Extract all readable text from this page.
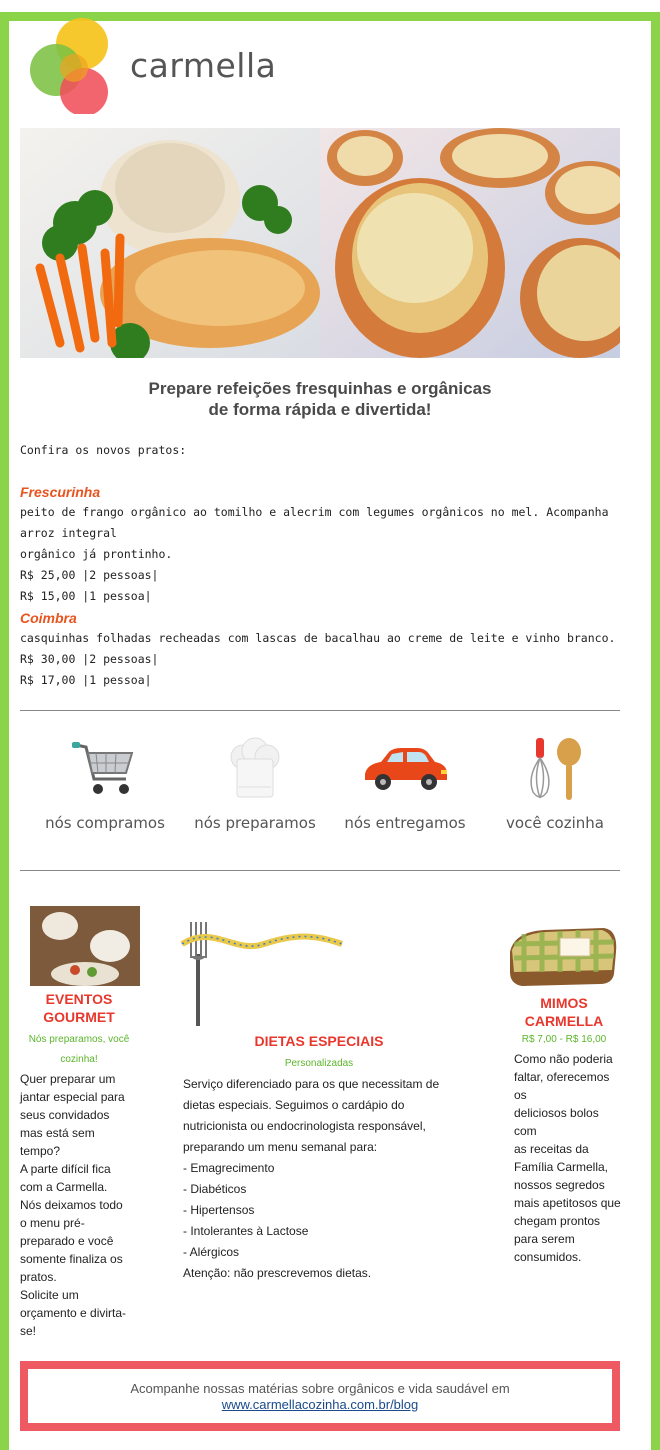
carmella
Prepare refeições fresquinhas e orgânicas
de forma rápida e divertida!
Confira os novos pratos:
Frescurinha
peito de frango orgânico ao tomilho e alecrim com legumes orgânicos no mel. Acompanha arroz integral
orgânico já prontinho.
R$ 25,00 |2 pessoas|
R$ 15,00 |1 pessoa|
Coimbra
casquinhas folhadas recheadas com lascas de bacalhau ao creme de leite e vinho branco.
R$ 30,00 |2 pessoas|
R$ 17,00 |1 pessoa|
nós compramos	nós preparamos	nós entregamos	você cozinha
EVENTOS
GOURMET
Nós preparamos, você cozinha!
Quer preparar um
jantar especial para
seus convidados
mas está sem
tempo?
A parte difícil fica
com a Carmella.
Nós deixamos todo
o menu pré-
preparado e você
somente finaliza os
pratos.
Solicite um
orçamento e divirta-
se!
DIETAS ESPECIAIS
Personalizadas
Serviço diferenciado para os que necessitam de
dietas especiais. Seguimos o cardápio do
nutricionista ou endocrinologista responsável,
preparando um menu semanal para:
- Emagrecimento
- Diabéticos
- Hipertensos
- Intolerantes à Lactose
- Alérgicos
Atenção: não prescrevemos dietas.
MIMOS
CARMELLA
R$ 7,00 - R$ 16,00
Como não poderia
faltar, oferecemos os
deliciosos bolos com
as receitas da
Família Carmella,
nossos segredos
mais apetitosos que
chegam prontos
para serem
consumidos.
Acompanhe nossas matérias sobre orgânicos e vida saudável em
www.carmellacozinha.com.br/blog
